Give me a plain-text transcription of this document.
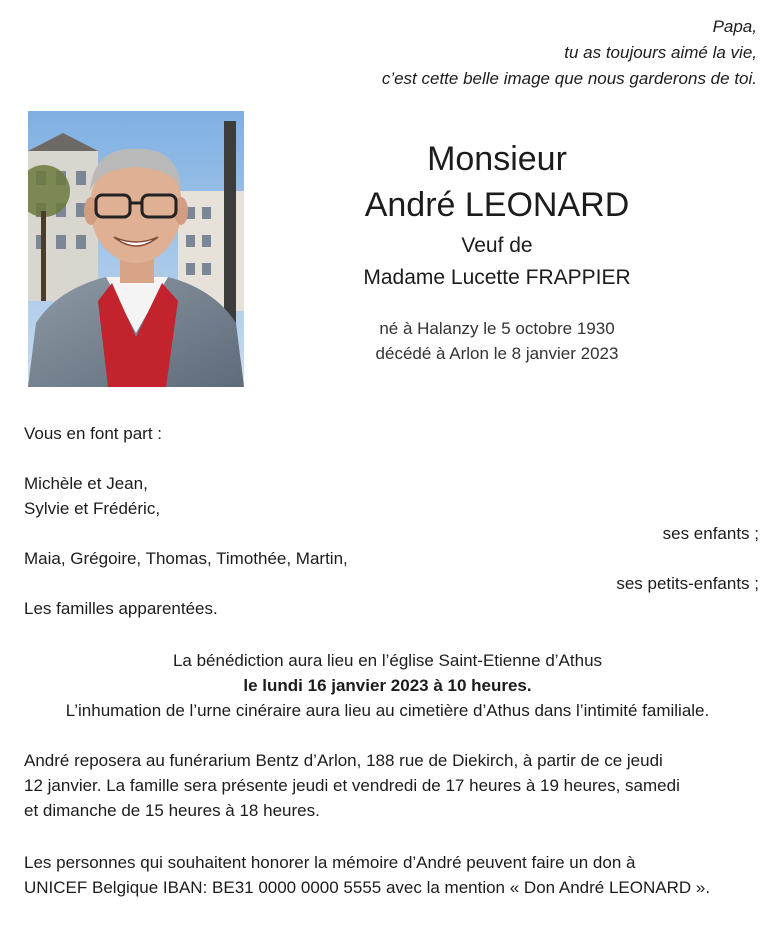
Papa,
tu as toujours aimé la vie,
c’est cette belle image que nous garderons de toi.
Monsieur
André LEONARD
Veuf de
Madame Lucette FRAPPIER
né à Halanzy le 5 octobre 1930
décédé à Arlon le 8 janvier 2023
Vous en font part :
Michèle et Jean,
Sylvie et Frédéric,
ses enfants ;
Maia, Grégoire, Thomas, Timothée, Martin,
ses petits-enfants ;
Les familles apparentées.
La bénédiction aura lieu en l’église Saint-Etienne d’Athus
le lundi 16 janvier 2023 à 10 heures.
L’inhumation de l’urne cinéraire aura lieu au cimetière d’Athus dans l’intimité familiale.
André reposera au funérarium Bentz d’Arlon, 188 rue de Diekirch, à partir de ce jeudi
12 janvier. La famille sera présente jeudi et vendredi de 17 heures à 19 heures, samedi
et dimanche de 15 heures à 18 heures.
Les personnes qui souhaitent honorer la mémoire d’André peuvent faire un don à
UNICEF Belgique IBAN: BE31 0000 0000 5555 avec la mention « Don André LEONARD ».
